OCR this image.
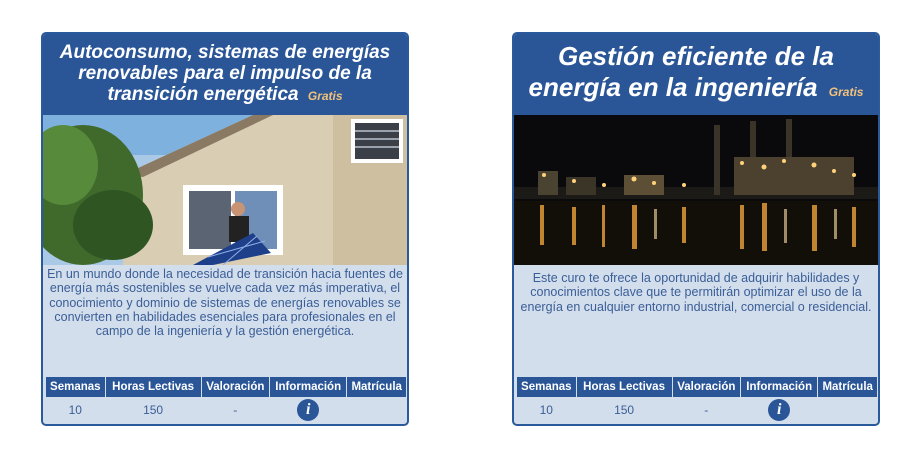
Autoconsumo, sistemas de energías renovables para el impulso de la transición energética Gratis
En un mundo donde la necesidad de transición hacia fuentes de energía más sostenibles se vuelve cada vez más imperativa, el conocimiento y dominio de sistemas de energías renovables se convierten en habilidades esenciales para profesionales en el campo de la ingeniería y la gestión energética.
Semanas	Horas Lectivas	Valoración	Información	Matrícula
10	150	-	i	
Gestión eficiente de la energía en la ingeniería Gratis
Este curo te ofrece la oportunidad de adquirir habilidades y conocimientos clave que te permitirán optimizar el uso de la energía en cualquier entorno industrial, comercial o residencial.
Semanas	Horas Lectivas	Valoración	Información	Matrícula
10	150	-	i	
